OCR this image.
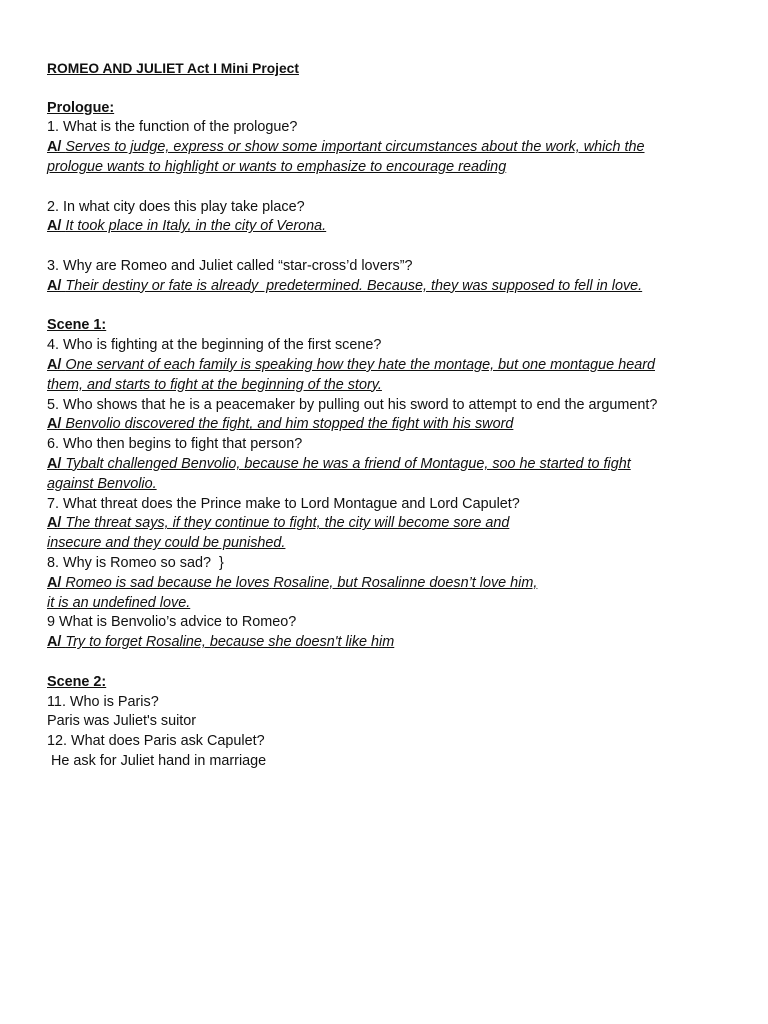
ROMEO AND JULIET Act I Mini Project

Prologue:

1. What is the function of the prologue?

A/ Serves to judge, express or show some important circumstances about the work, which the prologue wants to highlight or wants to emphasize to encourage reading

2. In what city does this play take place?

A/ It took place in Italy, in the city of Verona.

3. Why are Romeo and Juliet called “star-cross’d lovers”?

A/ Their destiny or fate is already  predetermined. Because, they was supposed to fell in love.

Scene 1:

4. Who is fighting at the beginning of the first scene?

A/ One servant of each family is speaking how they hate the montage, but one montague heard them, and starts to fight at the beginning of the story.

5. Who shows that he is a peacemaker by pulling out his sword to attempt to end the argument?

A/ Benvolio discovered the fight, and him stopped the fight with his sword

6. Who then begins to fight that person?

A/ Tybalt challenged Benvolio, because he was a friend of Montague, soo he started to fight against Benvolio.

7. What threat does the Prince make to Lord Montague and Lord Capulet?

A/ The threat says, if they continue to fight, the city will become sore and insecure and they could be punished.

8. Why is Romeo so sad?  }

A/ Romeo is sad because he loves Rosaline, but Rosalinne doesn’t love him, it is an undefined love.

9 What is Benvolio’s advice to Romeo?

A/ Try to forget Rosaline, because she doesn't like him

Scene 2:

11. Who is Paris?

Paris was Juliet's suitor

12. What does Paris ask Capulet?

He ask for Juliet hand in marriage
